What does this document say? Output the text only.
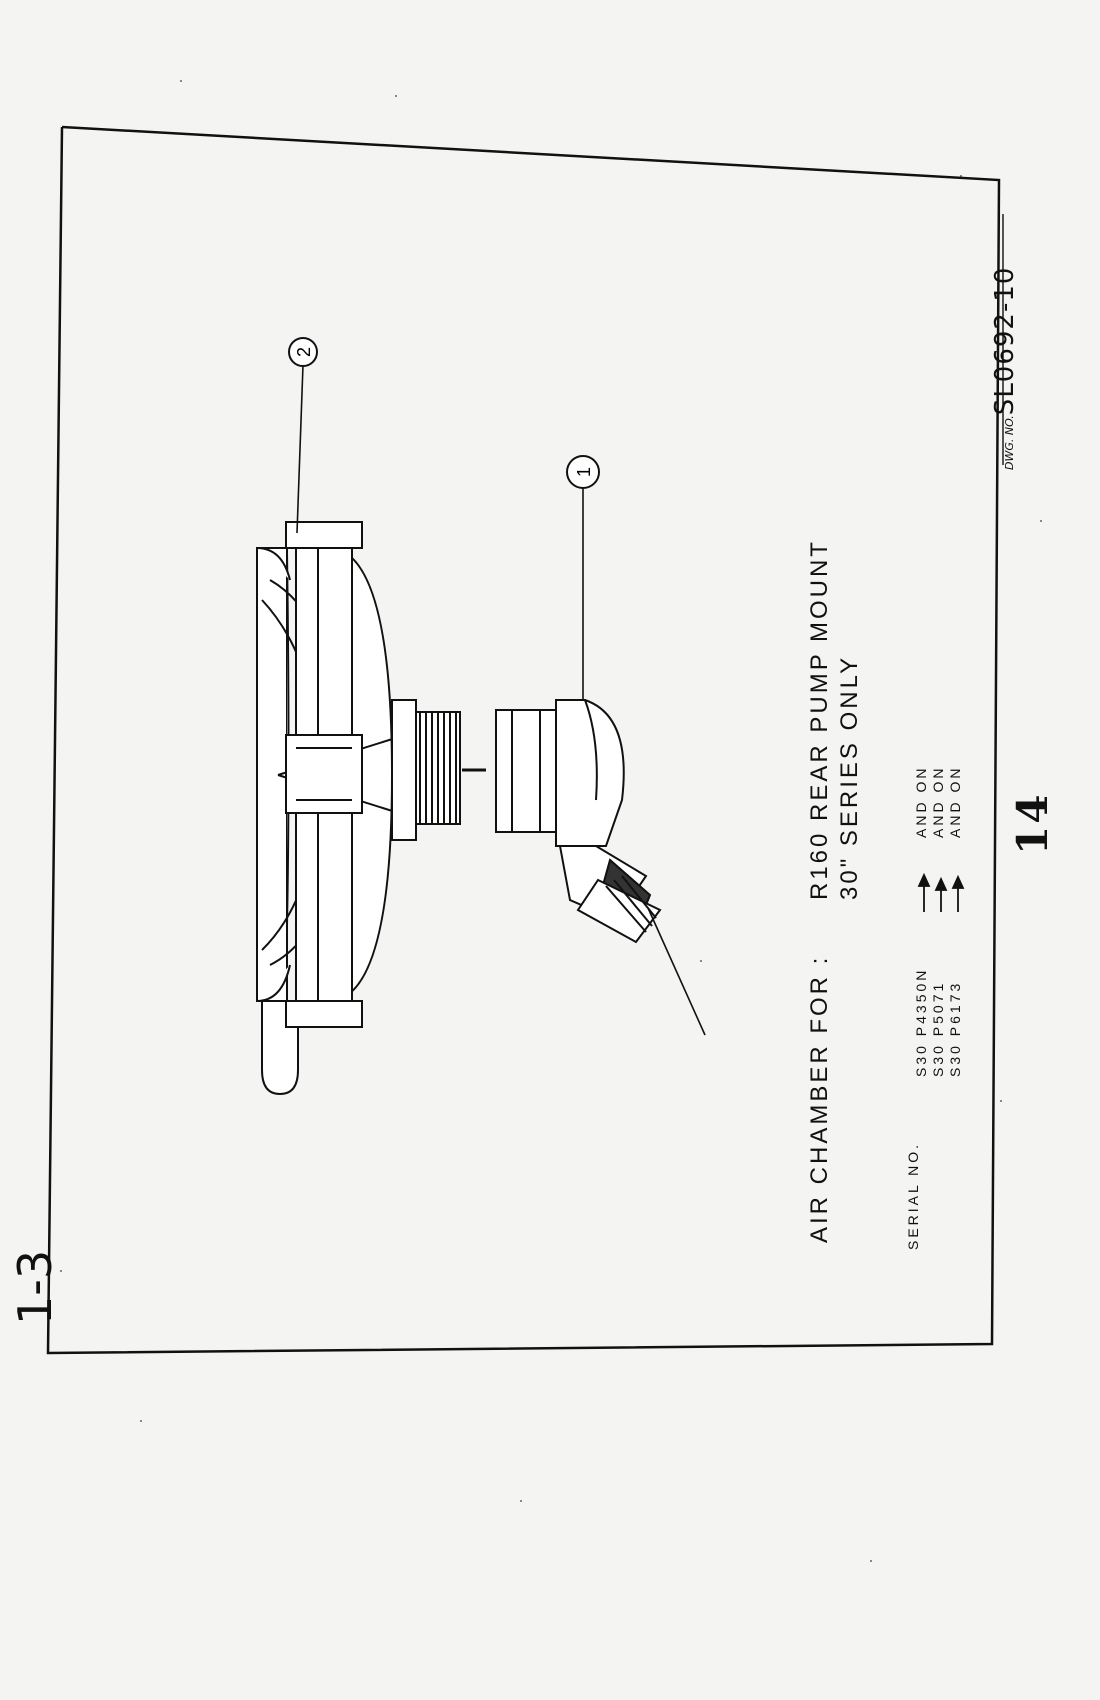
2
1
1-3
AIR CHAMBER FOR :
R160 REAR PUMP MOUNT 30" SERIES ONLY
SERIAL NO.
S30 P4350N S30 P5071 S30 P6173
AND ON AND ON AND ON 14
DWG. NO.SL0692-10
